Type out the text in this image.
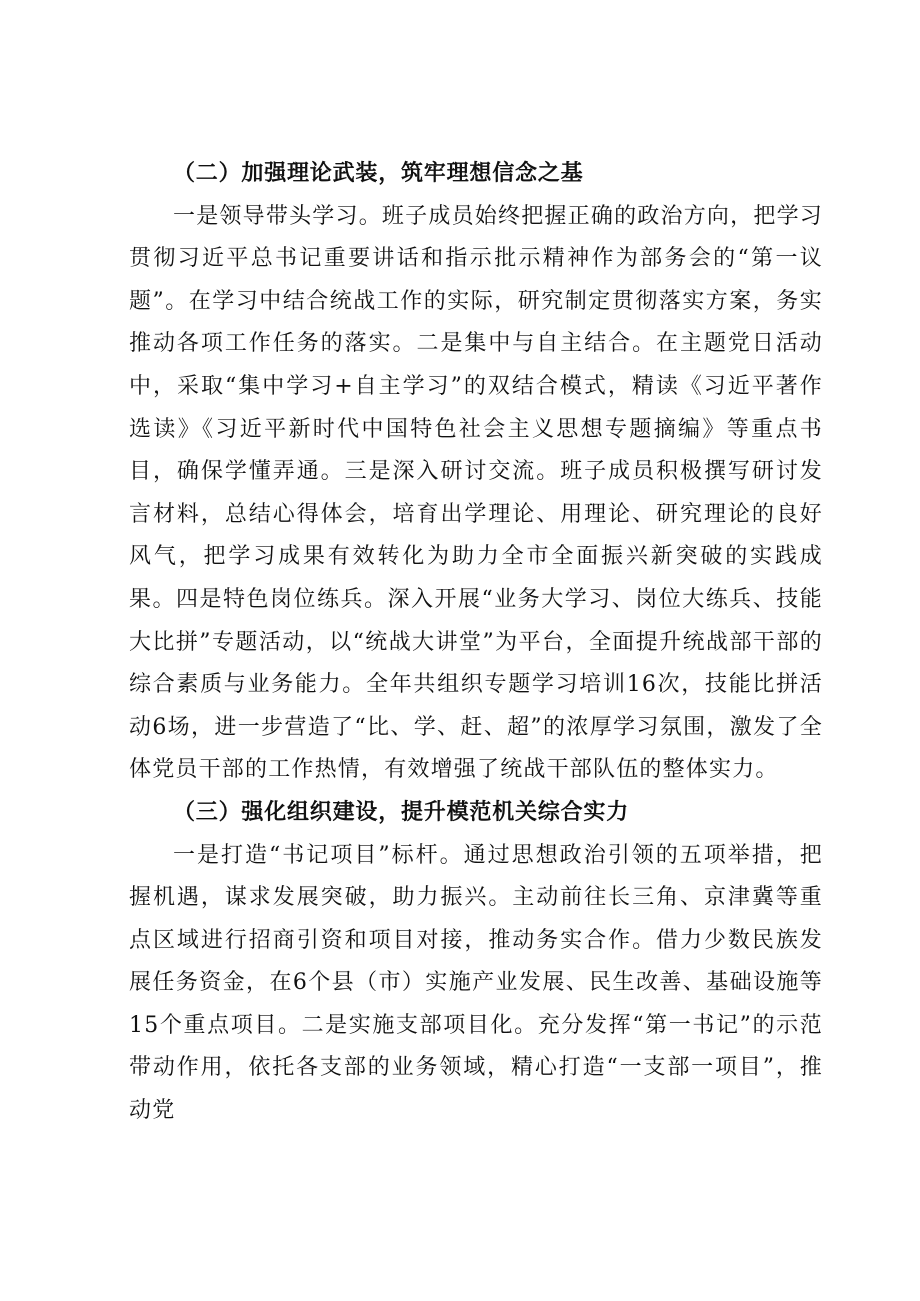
（二）加强理论武装，筑牢理想信念之基

一是领导带头学习。班子成员始终把握正确的政治方向，把学习贯彻习近平总书记重要讲话和指示批示精神作为部务会的“第一议题”。在学习中结合统战工作的实际，研究制定贯彻落实方案，务实推动各项工作任务的落实。二是集中与自主结合。在主题党日活动中，采取“集中学习+自主学习”的双结合模式，精读《习近平著作选读》《习近平新时代中国特色社会主义思想专题摘编》等重点书目，确保学懂弄通。三是深入研讨交流。班子成员积极撰写研讨发言材料，总结心得体会，培育出学理论、用理论、研究理论的良好风气，把学习成果有效转化为助力全市全面振兴新突破的实践成果。四是特色岗位练兵。深入开展“业务大学习、岗位大练兵、技能大比拼”专题活动，以“统战大讲堂”为平台，全面提升统战部干部的综合素质与业务能力。全年共组织专题学习培训16次，技能比拼活动6场，进一步营造了“比、学、赶、超”的浓厚学习氛围，激发了全体党员干部的工作热情，有效增强了统战干部队伍的整体实力。

（三）强化组织建设，提升模范机关综合实力

一是打造“书记项目”标杆。通过思想政治引领的五项举措，把握机遇，谋求发展突破，助力振兴。主动前往长三角、京津冀等重点区域进行招商引资和项目对接，推动务实合作。借力少数民族发展任务资金，在6个县（市）实施产业发展、民生改善、基础设施等15个重点项目。二是实施支部项目化。充分发挥“第一书记”的示范带动作用，依托各支部的业务领域，精心打造“一支部一项目”，推动党
